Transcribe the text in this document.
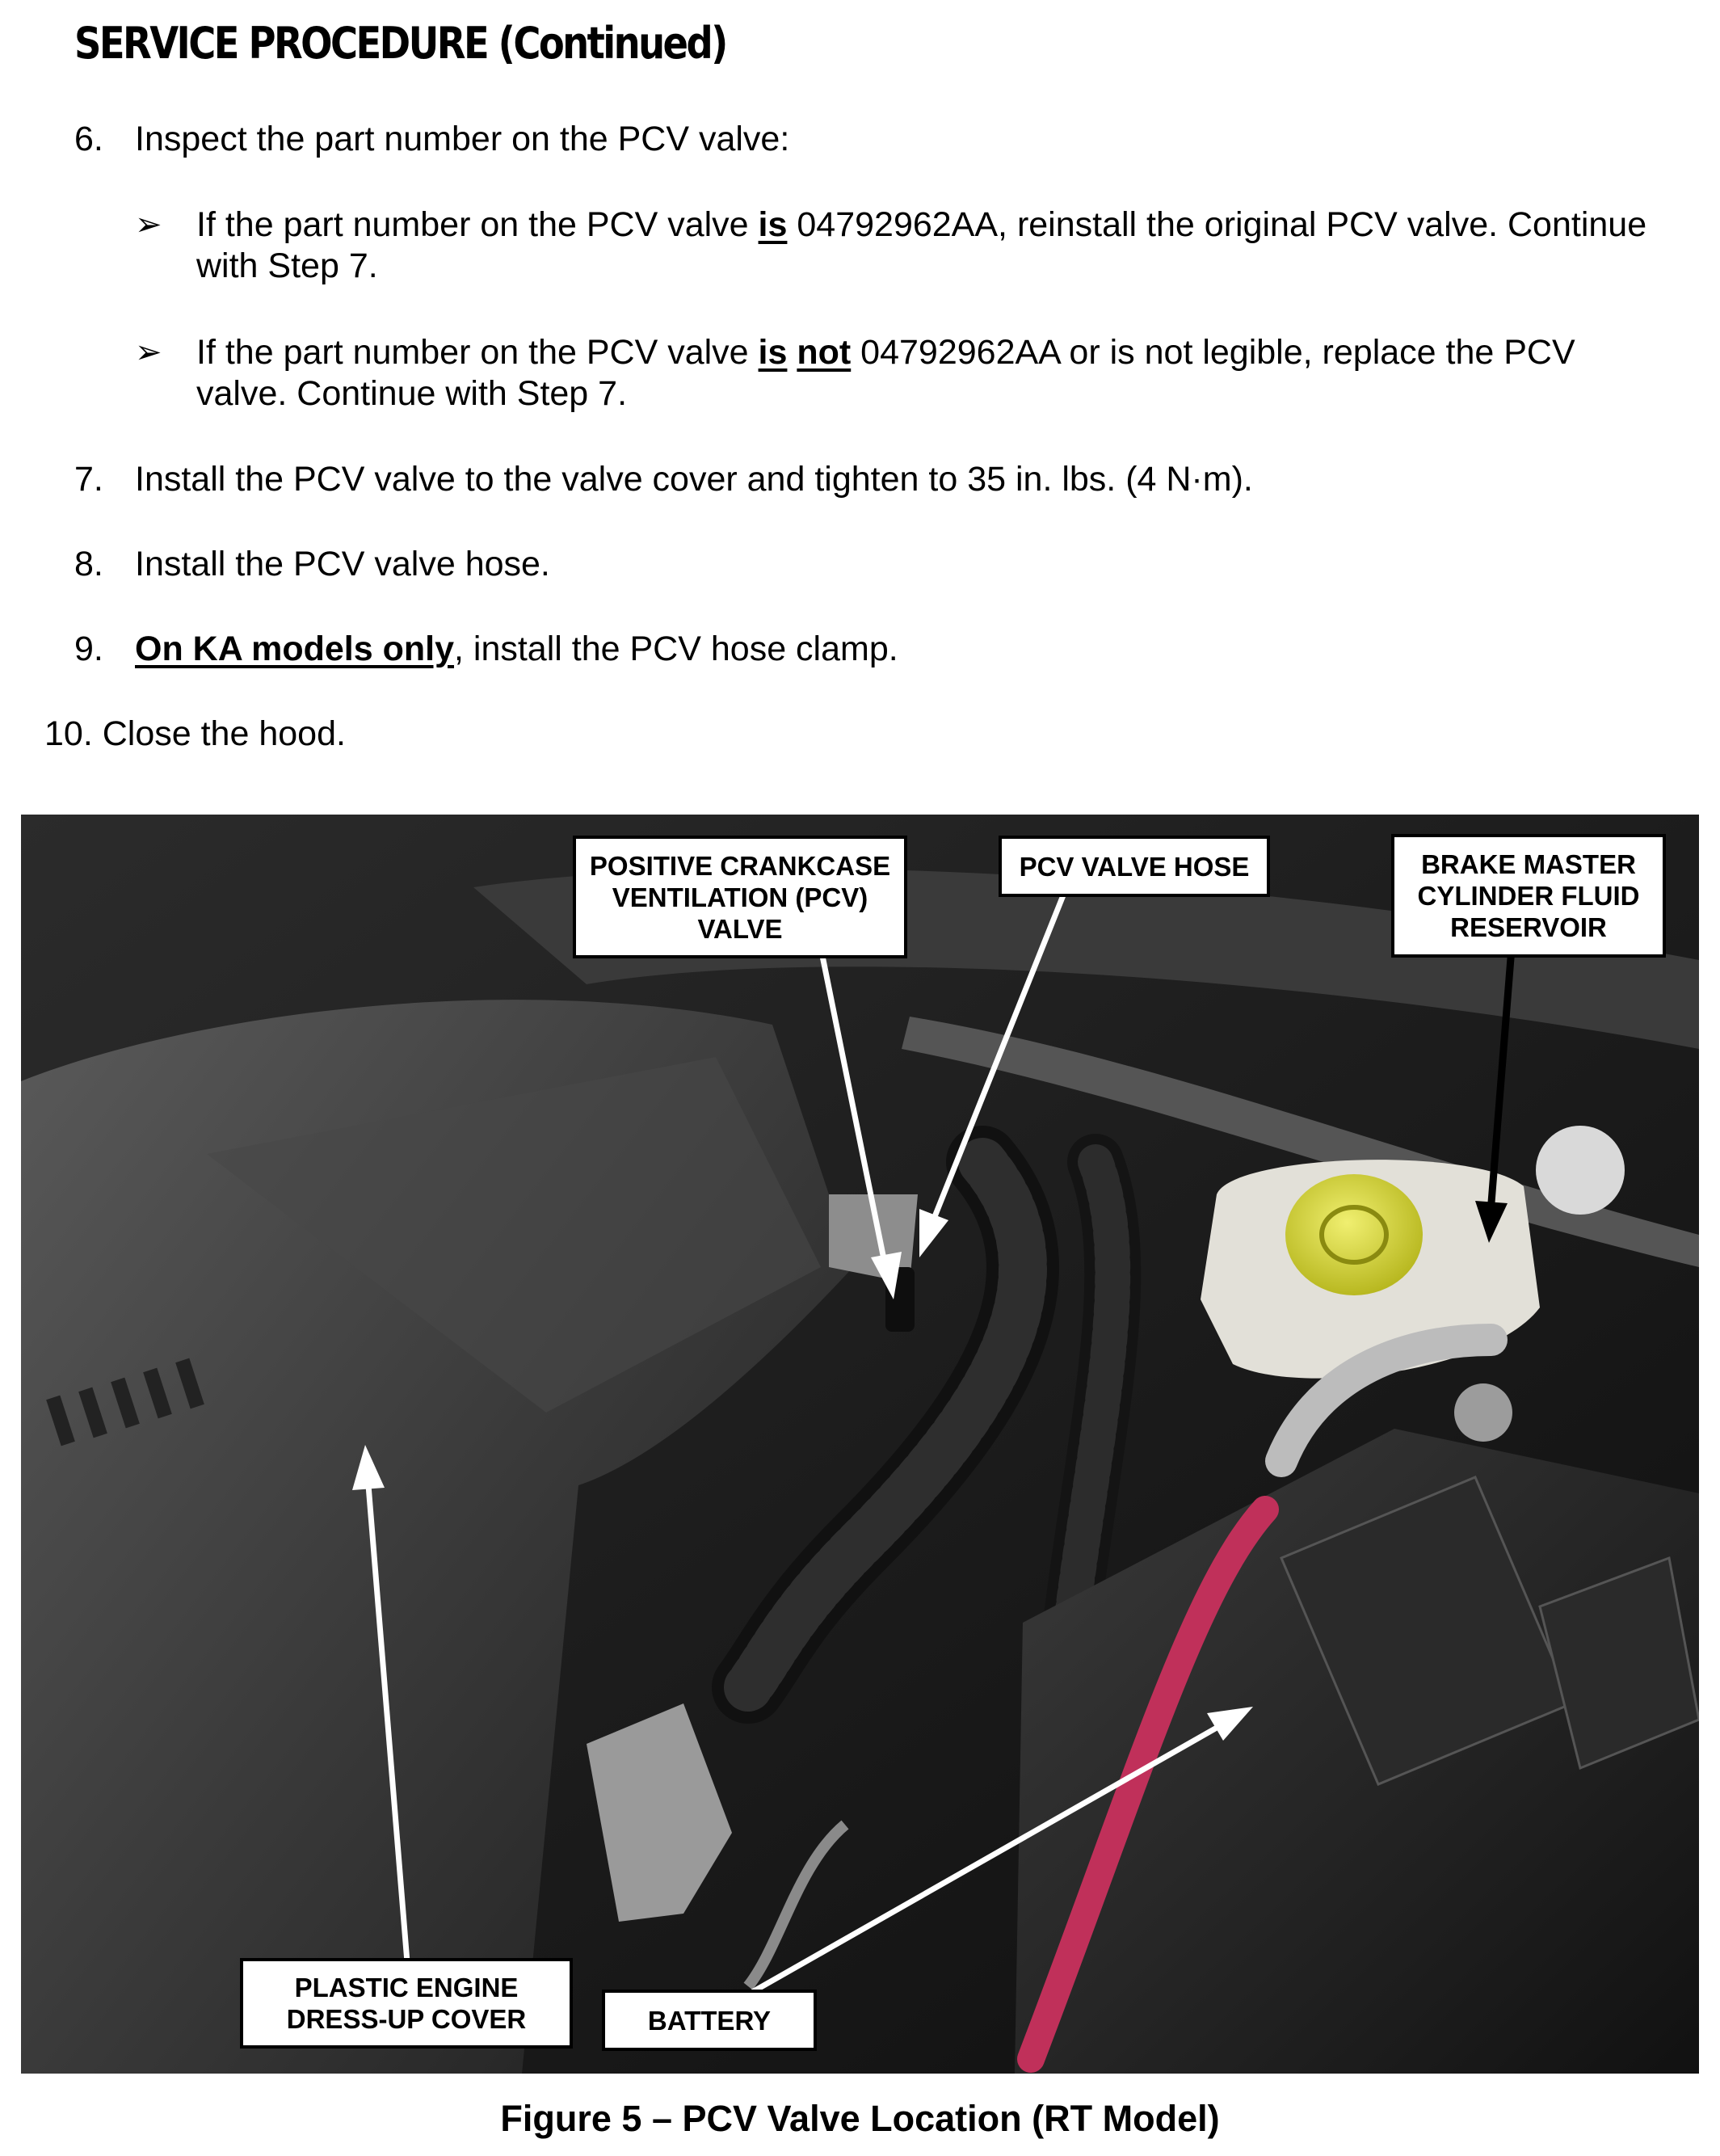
SERVICE PROCEDURE (Continued)
6. Inspect the part number on the PCV valve:
➢ If the part number on the PCV valve is 04792962AA, reinstall the original PCV valve. Continue
with Step 7.
➢ If the part number on the PCV valve is not 04792962AA or is not legible, replace the PCV
valve. Continue with Step 7.
7. Install the PCV valve to the valve cover and tighten to 35 in. lbs. (4 N·m).
8. Install the PCV valve hose.
9. On KA models only, install the PCV hose clamp.
10. Close the hood.
POSITIVE CRANKCASE VENTILATION (PCV) VALVE
PCV VALVE HOSE	BRAKE MASTER CYLINDER FLUID RESERVOIR
PLASTIC ENGINE DRESS-UP COVER	BATTERY
Figure 5 – PCV Valve Location (RT Model)
